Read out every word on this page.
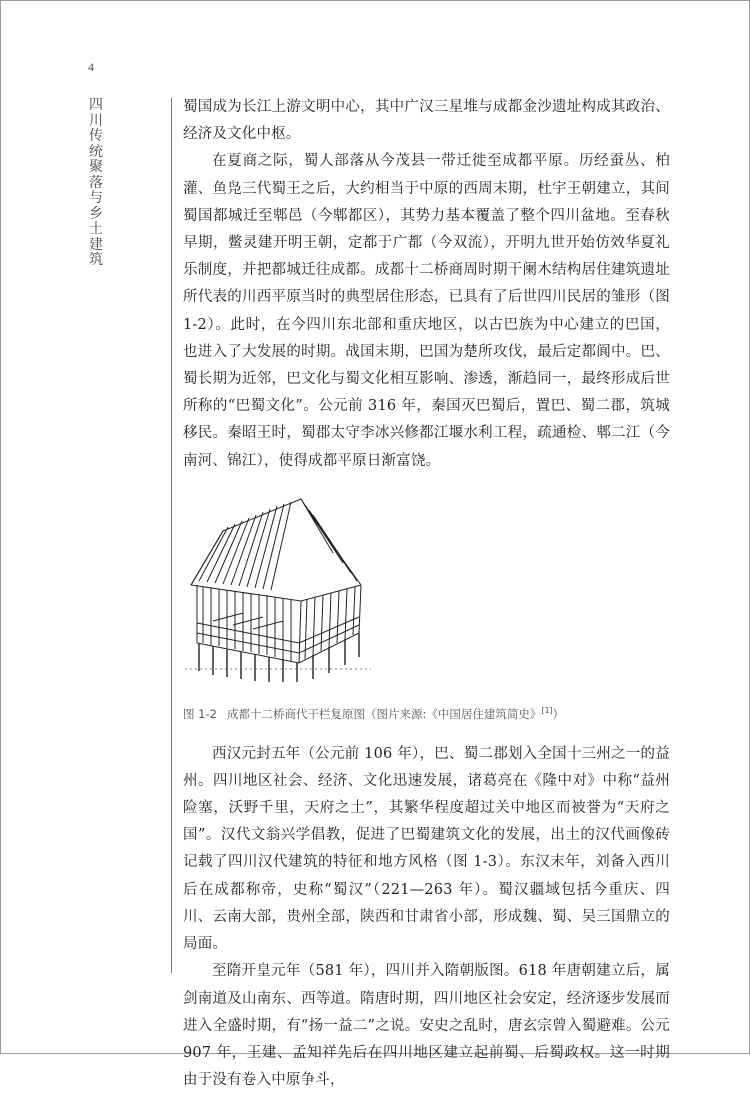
4
四川传统聚落与乡土建筑

蜀国成为长江上游文明中心，其中广汉三星堆与成都金沙遗址构成其政治、经济及文化中枢。

在夏商之际，蜀人部落从今茂县一带迁徙至成都平原。历经蚕丛、柏灌、鱼凫三代蜀王之后，大约相当于中原的西周末期，杜宇王朝建立，其间蜀国都城迁至郫邑（今郫都区），其势力基本覆盖了整个四川盆地。至春秋早期，鳖灵建开明王朝，定都于广都（今双流），开明九世开始仿效华夏礼乐制度，并把都城迁往成都。成都十二桥商周时期干阑木结构居住建筑遗址所代表的川西平原当时的典型居住形态，已具有了后世四川民居的雏形（图 1-2）。此时，在今四川东北部和重庆地区，以古巴族为中心建立的巴国，也进入了大发展的时期。战国末期，巴国为楚所攻伐，最后定都阆中。巴、蜀长期为近邻，巴文化与蜀文化相互影响、渗透，渐趋同一，最终形成后世所称的“巴蜀文化”。公元前 316 年，秦国灭巴蜀后，置巴、蜀二郡，筑城移民。秦昭王时，蜀郡太守李冰兴修都江堰水利工程，疏通检、郫二江（今南河、锦江），使得成都平原日渐富饶。

图 1-2 成都十二桥商代干栏复原图（图片来源:《中国居住建筑简史》[1]）

西汉元封五年（公元前 106 年），巴、蜀二郡划入全国十三州之一的益州。四川地区社会、经济、文化迅速发展，诸葛亮在《隆中对》中称“益州险塞，沃野千里，天府之土”，其繁华程度超过关中地区而被誉为“天府之国”。汉代文翁兴学倡教，促进了巴蜀建筑文化的发展，出土的汉代画像砖记载了四川汉代建筑的特征和地方风格（图 1-3）。东汉末年，刘备入西川后在成都称帝，史称“蜀汉”（221—263 年）。蜀汉疆域包括今重庆、四川、云南大部，贵州全部，陕西和甘肃省小部，形成魏、蜀、吴三国鼎立的局面。

至隋开皇元年（581 年），四川并入隋朝版图。618 年唐朝建立后，属剑南道及山南东、西等道。隋唐时期，四川地区社会安定，经济逐步发展而进入全盛时期，有“扬一益二”之说。安史之乱时，唐玄宗曾入蜀避难。公元 907 年，王建、孟知祥先后在四川地区建立起前蜀、后蜀政权。这一时期由于没有卷入中原争斗，
